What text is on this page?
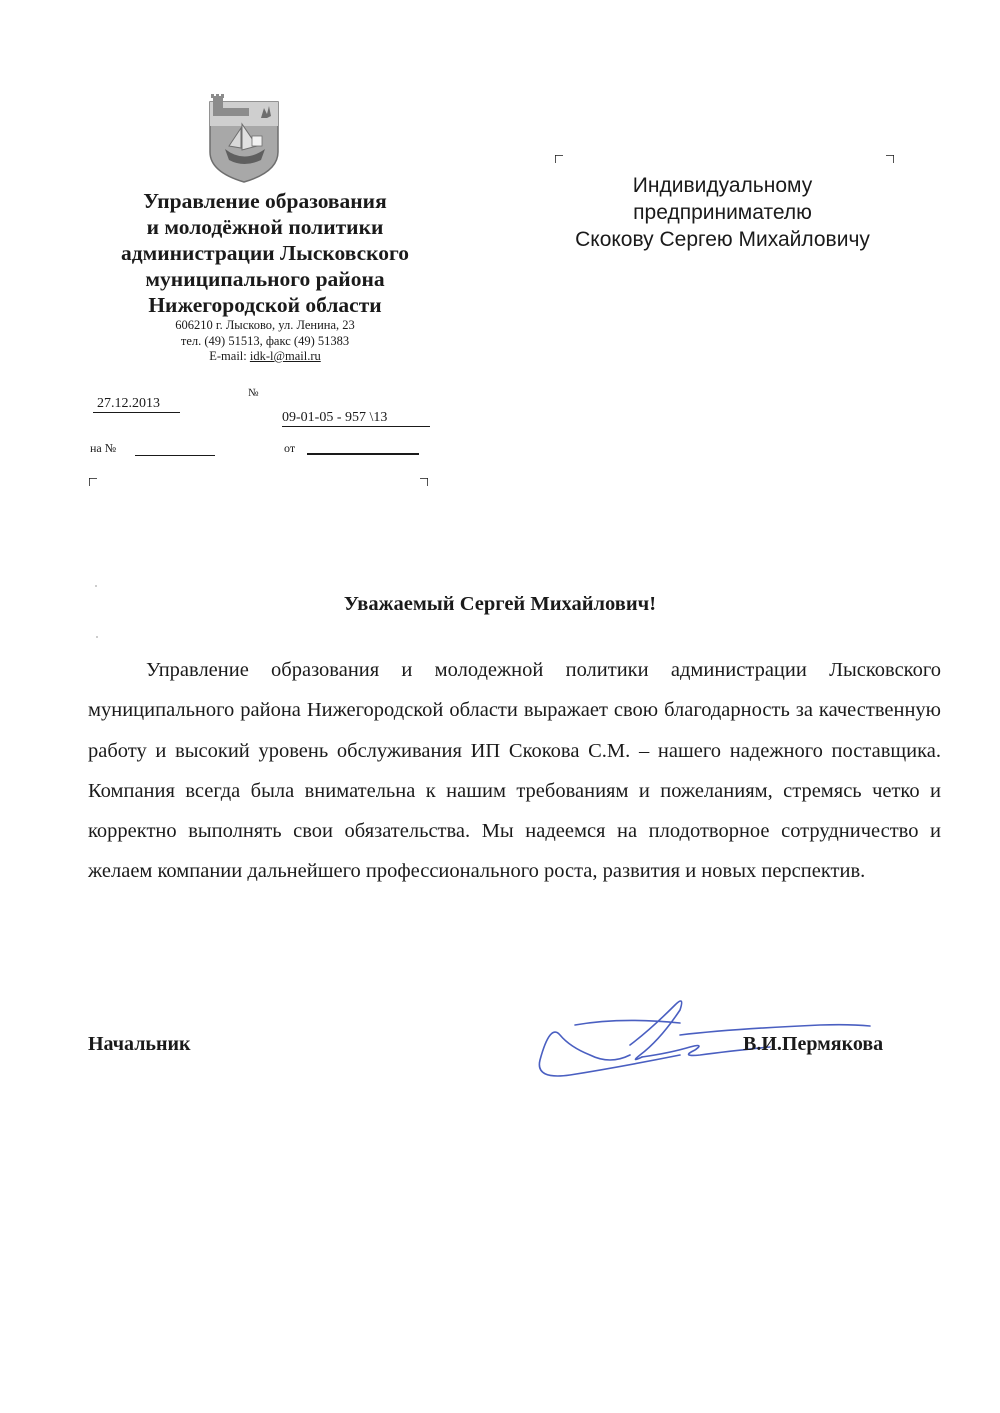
Управление образования
и молодёжной политики
администрации Лысковского
муниципального района
Нижегородской области
606210 г. Лысково, ул. Ленина, 23
тел. (49) 51513, факс (49) 51383
E-mail: idk-l@mail.ru
Индивидуальному
предпринимателю
Скокову Сергею Михайловичу
27.12.2013
№
09-01-05 - 957 \13
на №	от
Уважаемый Сергей Михайлович!
Управление образования и молодежной политики администрации Лысковского муниципального района Нижегородской области выражает свою благодарность за качественную работу и высокий уровень обслуживания ИП Скокова С.М. – нашего надежного поставщика. Компания всегда была внимательна к нашим требованиям и пожеланиям, стремясь четко и корректно выполнять свои обязательства. Мы надеемся на плодотворное сотрудничество и желаем компании дальнейшего профессионального роста, развития и новых перспектив.
Начальник	В.И.Пермякова
